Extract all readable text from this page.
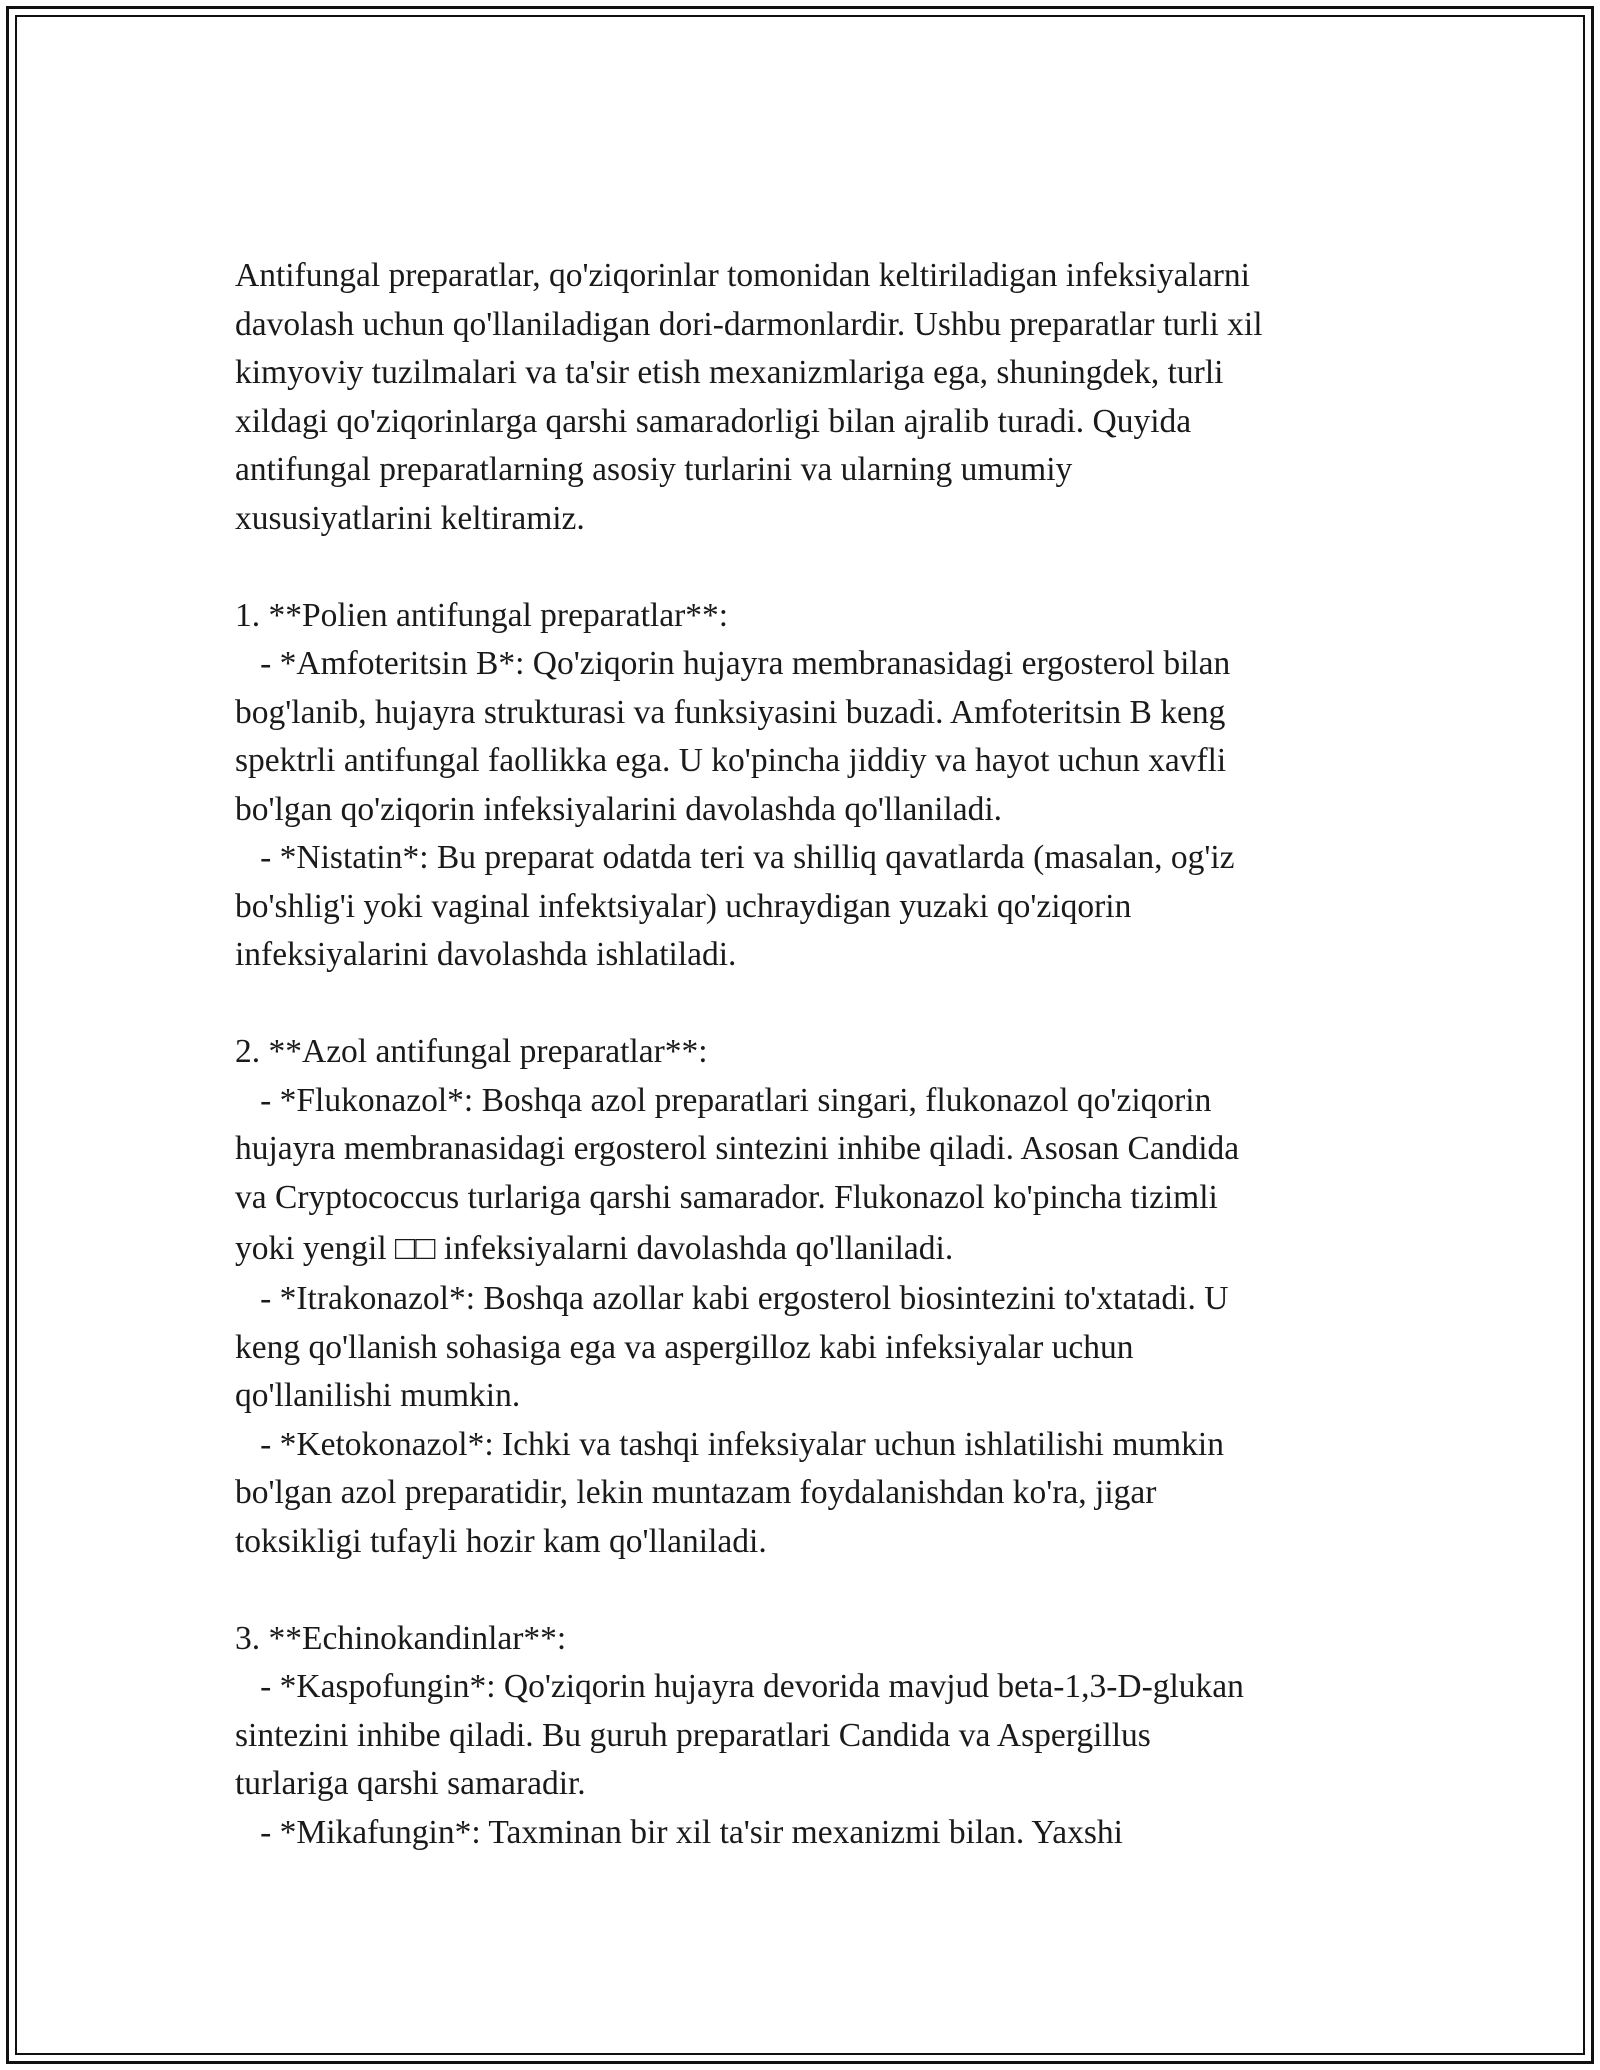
Antifungal preparatlar, qo'ziqorinlar tomonidan keltiriladigan infeksiyalarni
davolash uchun qo'llaniladigan dori-darmonlardir. Ushbu preparatlar turli xil
kimyoviy tuzilmalari va ta'sir etish mexanizmlariga ega, shuningdek, turli
xildagi qo'ziqorinlarga qarshi samaradorligi bilan ajralib turadi. Quyida
antifungal preparatlarning asosiy turlarini va ularning umumiy
xususiyatlarini keltiramiz.
1. **Polien antifungal preparatlar**:
- *Amfoteritsin B*: Qo'ziqorin hujayra membranasidagi ergosterol bilan
bog'lanib, hujayra strukturasi va funksiyasini buzadi. Amfoteritsin B keng
spektrli antifungal faollikka ega. U ko'pincha jiddiy va hayot uchun xavfli
bo'lgan qo'ziqorin infeksiyalarini davolashda qo'llaniladi.
- *Nistatin*: Bu preparat odatda teri va shilliq qavatlarda (masalan, og'iz
bo'shlig'i yoki vaginal infektsiyalar) uchraydigan yuzaki qo'ziqorin
infeksiyalarini davolashda ishlatiladi.
2. **Azol antifungal preparatlar**:
- *Flukonazol*: Boshqa azol preparatlari singari, flukonazol qo'ziqorin
hujayra membranasidagi ergosterol sintezini inhibe qiladi. Asosan Candida
va Cryptococcus turlariga qarshi samarador. Flukonazol ko'pincha tizimli
yoki yengil □□ infeksiyalarni davolashda qo'llaniladi.
- *Itrakonazol*: Boshqa azollar kabi ergosterol biosintezini to'xtatadi. U
keng qo'llanish sohasiga ega va aspergilloz kabi infeksiyalar uchun
qo'llanilishi mumkin.
- *Ketokonazol*: Ichki va tashqi infeksiyalar uchun ishlatilishi mumkin
bo'lgan azol preparatidir, lekin muntazam foydalanishdan ko'ra, jigar
toksikligi tufayli hozir kam qo'llaniladi.
3. **Echinokandinlar**:
- *Kaspofungin*: Qo'ziqorin hujayra devorida mavjud beta-1,3-D-glukan
sintezini inhibe qiladi. Bu guruh preparatlari Candida va Aspergillus
turlariga qarshi samaradir.
- *Mikafungin*: Taxminan bir xil ta'sir mexanizmi bilan. Yaxshi
